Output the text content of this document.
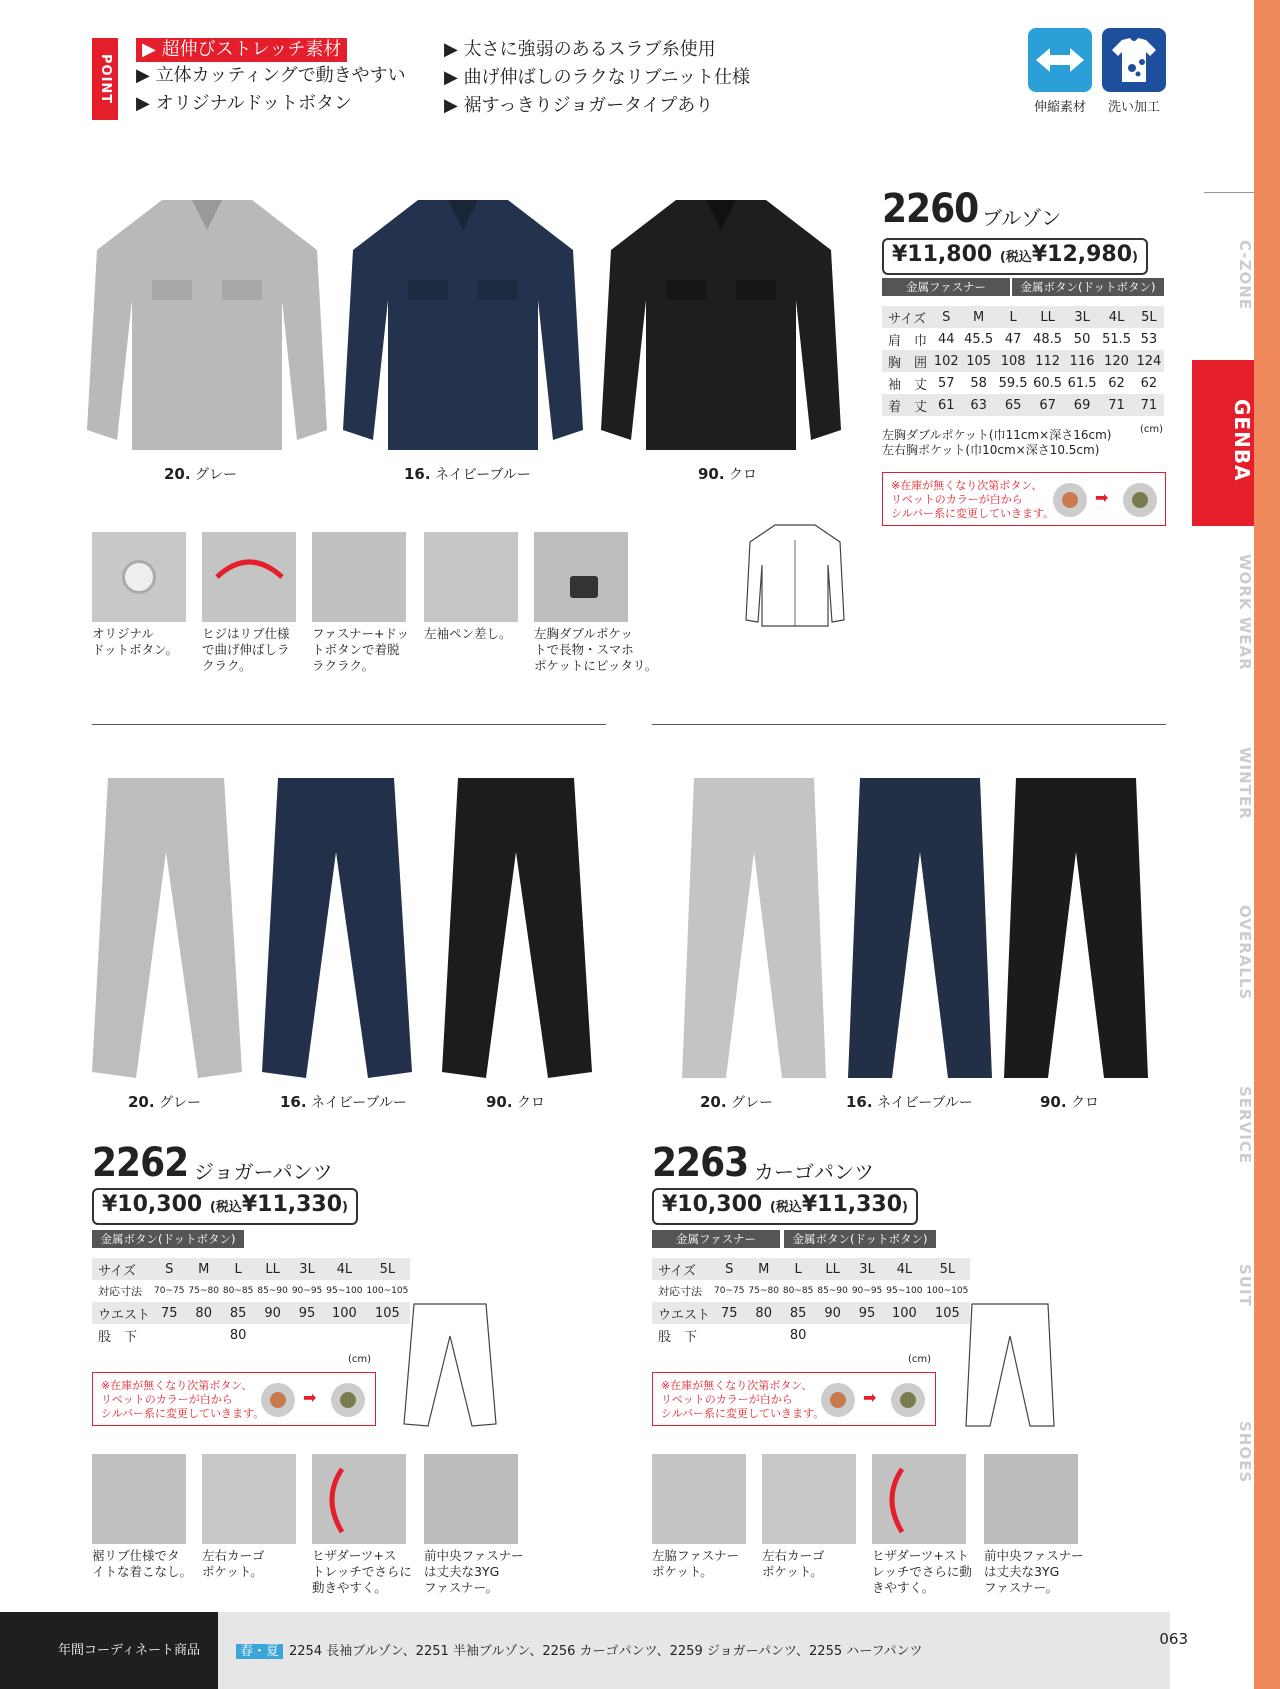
POINT
▶ 超伸びストレッチ素材
▶ 立体カッティングで動きやすい
▶ オリジナルドットボタン
▶ 太さに強弱のあるスラブ糸使用
▶ 曲げ伸ばしのラクなリブニット仕様
▶ 裾すっきりジョガータイプあり	伸縮素材	洗い加工
20. グレー	16. ネイビーブルー	90. クロ
2260 ブルゾン
¥11,800 (税込¥12,980)
金属ファスナー	金属ボタン(ドットボタン)
サイズ	S	M	L	LL	3L	4L	5L
肩　巾	44	45.5	47	48.5	50	51.5	53
胸　囲	102	105	108	112	116	120	124
袖　丈	57	58	59.5	60.5	61.5	62	62
着　丈	61	63	65	67	69	71	71
(cm)
左胸ダブルポケット(巾11cm×深さ16cm)
左右胸ポケット(巾10cm×深さ10.5cm)
※在庫が無くなり次第ボタン、
リベットのカラーが白から
シルバー系に変更していきます。
➡
オリジナル
ドットボタン。
ヒジはリブ仕様
で曲げ伸ばしラ
クラク。
ファスナー+ドッ
トボタンで着脱
ラクラク。
左袖ペン差し。 左胸ダブルポケッ
トで長物・スマホ
ポケットにピッタリ。
20. グレー	16. ネイビーブルー	90. クロ	20. グレー	16. ネイビーブルー	90. クロ
2262 ジョガーパンツ
¥10,300 (税込¥11,330)
金属ボタン(ドットボタン)
サイズ	S	M	L	LL	3L	4L	5L
対応寸法	70~75	75~80	80~85	85~90	90~95	95~100	100~105
ウエスト	75	80	85	90	95	100	105
股　下			80				
(cm)
※在庫が無くなり次第ボタン、
リベットのカラーが白から
シルバー系に変更していきます。
➡
2263 カーゴパンツ
¥10,300 (税込¥11,330)
金属ファスナー	金属ボタン(ドットボタン)
サイズ	S	M	L	LL	3L	4L	5L
対応寸法	70~75	75~80	80~85	85~90	90~95	95~100	100~105
ウエスト	75	80	85	90	95	100	105
股　下			80				
(cm)
※在庫が無くなり次第ボタン、
リベットのカラーが白から
シルバー系に変更していきます。
➡
裾リブ仕様でタ
イトな着こなし。
左右カーゴ
ポケット。
ヒザダーツ+ス
トレッチでさらに
動きやすく。
前中央ファスナー
は丈夫な3YG
ファスナー。
左脇ファスナー
ポケット。
左右カーゴ
ポケット。
ヒザダーツ+スト
レッチでさらに動
きやすく。
前中央ファスナー
は丈夫な3YG
ファスナー。
C-ZONE
GENBA
WORK WEAR
WINTER
OVERALLS
SERVICE
SUIT
SHOES
年間コーディネート商品	春・夏 2254 長袖ブルゾン、2251 半袖ブルゾン、2256 カーゴパンツ、2259 ジョガーパンツ、2255 ハーフパンツ
063
